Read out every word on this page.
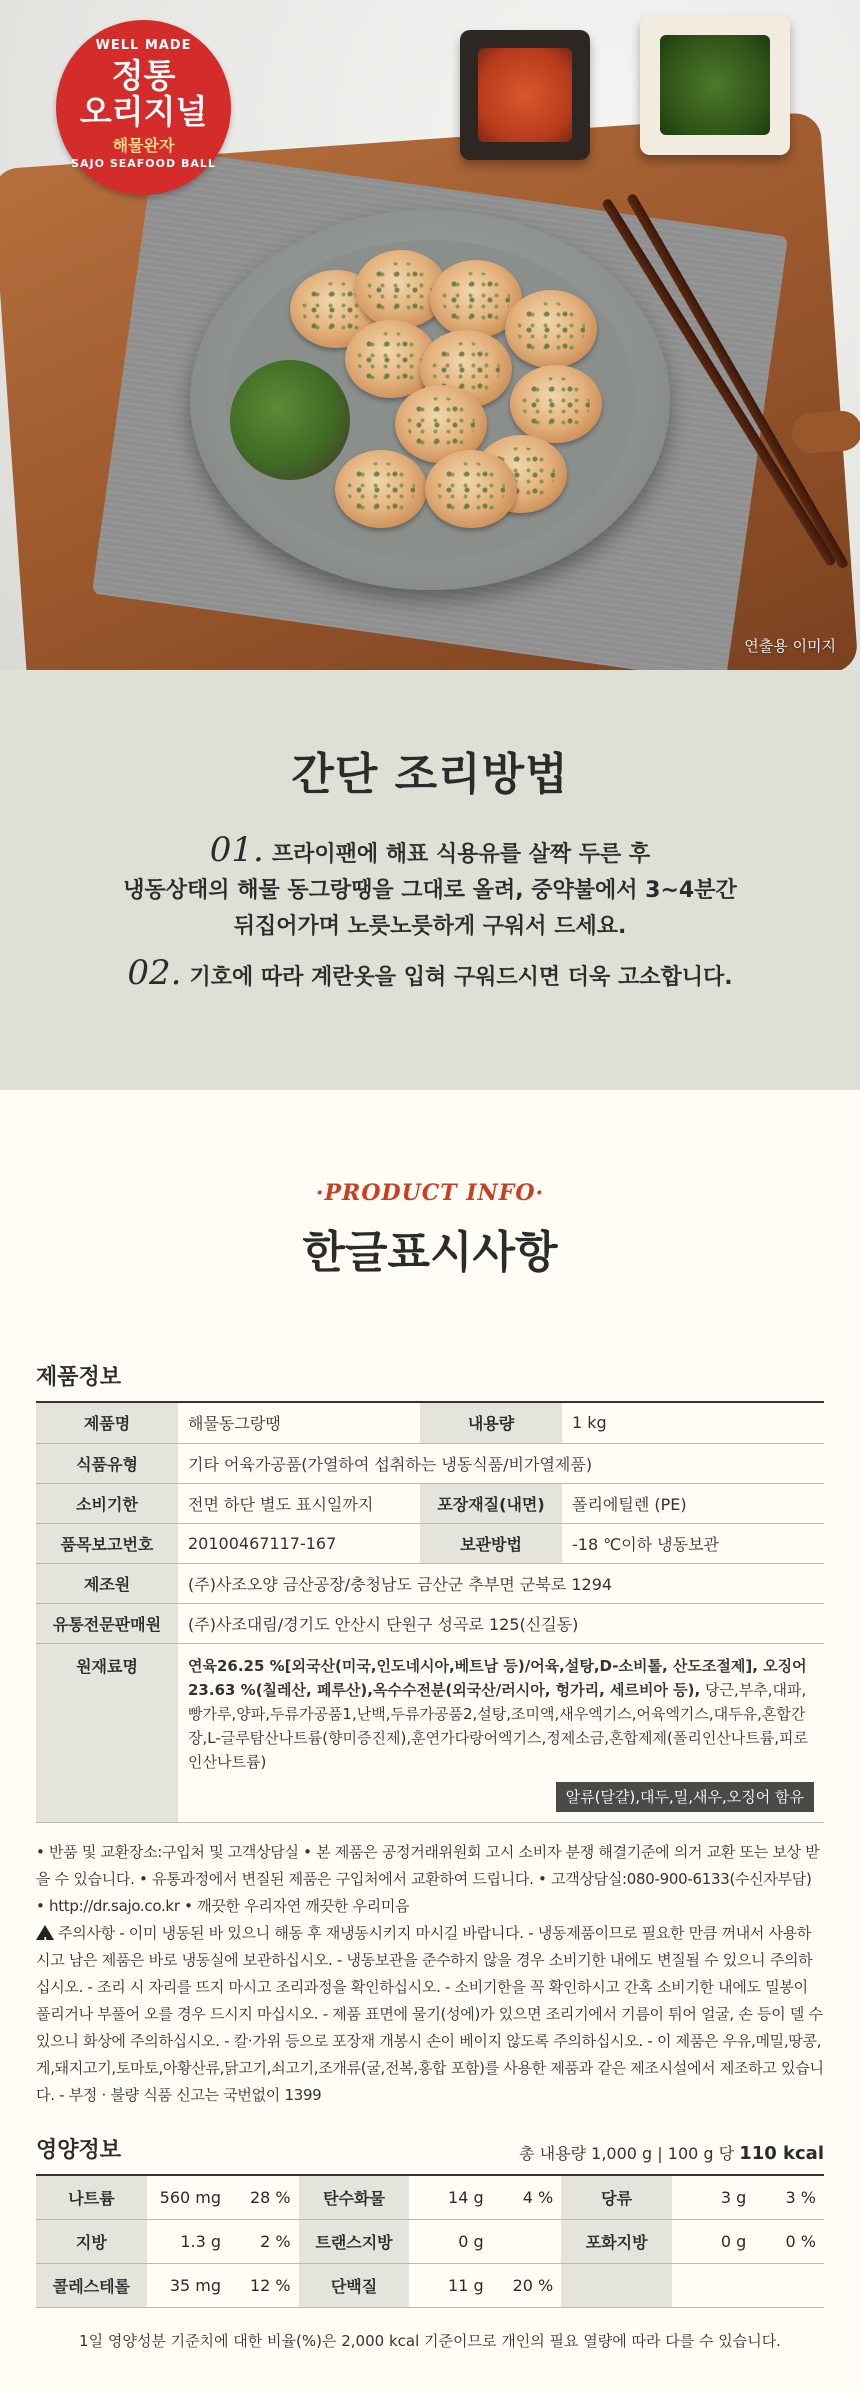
WELL MADE
정통
오리지널
해물완자
SAJO SEAFOOD BALL
연출용 이미지
간단 조리방법
01. 프라이팬에 해표 식용유를 살짝 두른 후
냉동상태의 해물 동그랑땡을 그대로 올려, 중약불에서 3~4분간
뒤집어가며 노릇노릇하게 구워서 드세요.
02. 기호에 따라 계란옷을 입혀 구워드시면 더욱 고소합니다.
·PRODUCT INFO·
한글표시사항
제품정보
제품명	해물동그랑땡	내용량	1 kg
식품유형	기타 어육가공품(가열하여 섭취하는 냉동식품/비가열제품)		
소비기한	전면 하단 별도 표시일까지	포장재질(내면)	폴리에틸렌 (PE)
품목보고번호	20100467117-167	보관방법	-18 ℃이하 냉동보관
제조원	(주)사조오양 금산공장/충청남도 금산군 추부면 군북로 1294		
유통전문판매원	(주)사조대림/경기도 안산시 단원구 성곡로 125(신길동)		
원재료명	연육26.25 %[외국산(미국,인도네시아,베트남 등)/어육,설탕,D-소비톨, 산도조절제], 오징어23.63 %(칠레산, 페루산),옥수수전분(외국산/러시아, 헝가리, 세르비아 등), 당근,부추,대파,빵가루,양파,두류가공품1,난백,두류가공품2,설탕,조미액,새우엑기스,어육엑기스,대두유,혼합간장,L-글루탐산나트륨(향미증진제),훈연가다랑어엑기스,정제소금,혼합제제(폴리인산나트륨,피로인산나트륨)
알류(달걀),대두,밀,새우,오징어 함유		

• 반품 및 교환장소:구입처 및 고객상담실 • 본 제품은 공정거래위원회 고시 소비자 분쟁 해결기준에 의거 교환 또는 보상 받을 수 있습니다. • 유통과정에서 변질된 제품은 구입처에서 교환하여 드립니다. • 고객상담실:080-900-6133(수신자부담) • http://dr.sajo.co.kr • 깨끗한 우리자연 깨끗한 우리미음

! 주의사항 - 이미 냉동된 바 있으니 해동 후 재냉동시키지 마시길 바랍니다. - 냉동제품이므로 필요한 만큼 꺼내서 사용하시고 남은 제품은 바로 냉동실에 보관하십시오. - 냉동보관을 준수하지 않을 경우 소비기한 내에도 변질될 수 있으니 주의하십시오. - 조리 시 자리를 뜨지 마시고 조리과정을 확인하십시오. - 소비기한을 꼭 확인하시고 간혹 소비기한 내에도 밀봉이 풀리거나 부풀어 오를 경우 드시지 마십시오. - 제품 표면에 물기(성에)가 있으면 조리기에서 기름이 튀어 얼굴, 손 등이 델 수 있으니 화상에 주의하십시오. - 칼·가위 등으로 포장재 개봉시 손이 베이지 않도록 주의하십시오. - 이 제품은 우유,메밀,땅콩,게,돼지고기,토마토,아황산류,닭고기,쇠고기,조개류(굴,전복,홍합 포함)를 사용한 제품과 같은 제조시설에서 제조하고 있습니다. - 부정 · 불량 식품 신고는 국번없이 1399

영양정보	총 내용량 1,000 g | 100 g 당 110 kcal
나트륨	560 mg	28 %	탄수화물	14 g	4 %	당류	3 g	3 %
지방	1.3 g	2 %	트랜스지방	0 g		포화지방	0 g	0 %
콜레스테롤	35 mg	12 %	단백질	11 g	20 %			
1일 영양성분 기준치에 대한 비율(%)은 2,000 kcal 기준이므로 개인의 필요 열량에 따라 다를 수 있습니다.
